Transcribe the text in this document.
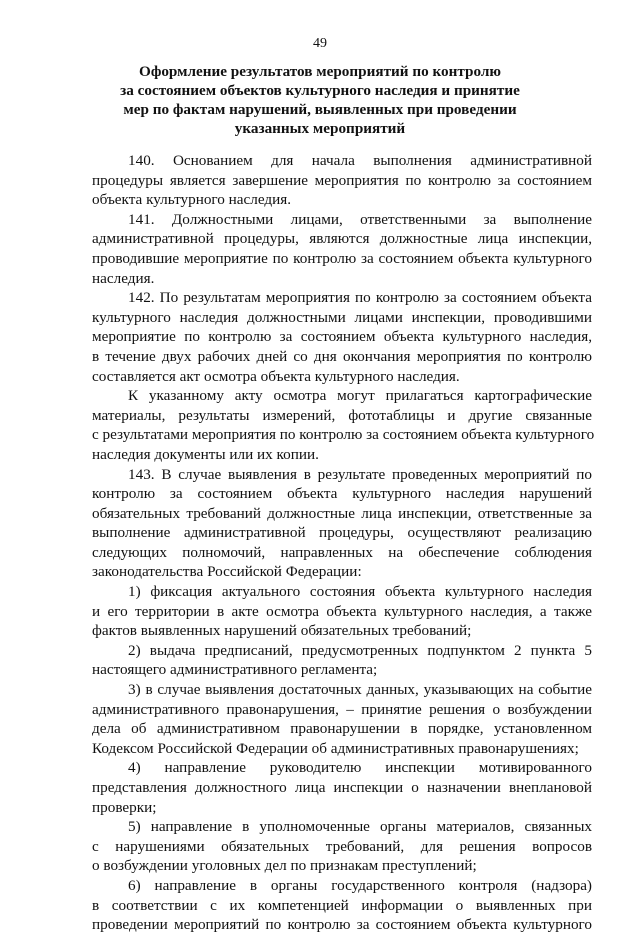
49
Оформление результатов мероприятий по контролю
за состоянием объектов культурного наследия и принятие
мер по фактам нарушений, выявленных при проведении
указанных мероприятий
140. Основанием для начала выполнения административной
процедуры является завершение мероприятия по контролю за состоянием
объекта культурного наследия.
141. Должностными лицами, ответственными за выполнение
административной процедуры, являются должностные лица инспекции,
проводившие мероприятие по контролю за состоянием объекта культурного
наследия.
142. По результатам мероприятия по контролю за состоянием объекта
культурного наследия должностными лицами инспекции, проводившими
мероприятие по контролю за состоянием объекта культурного наследия,
в течение двух рабочих дней со дня окончания мероприятия по контролю
составляется акт осмотра объекта культурного наследия.
К указанному акту осмотра могут прилагаться картографические
материалы, результаты измерений, фототаблицы и другие связанные
с результатами мероприятия по контролю за состоянием объекта культурного
наследия документы или их копии.
143. В случае выявления в результате проведенных мероприятий по
контролю за состоянием объекта культурного наследия нарушений
обязательных требований должностные лица инспекции, ответственные за
выполнение административной процедуры, осуществляют реализацию
следующих полномочий, направленных на обеспечение соблюдения
законодательства Российской Федерации:
1) фиксация актуального состояния объекта культурного наследия
и его территории в акте осмотра объекта культурного наследия, а также
фактов выявленных нарушений обязательных требований;
2) выдача предписаний, предусмотренных подпунктом 2 пункта 5
настоящего административного регламента;
3) в случае выявления достаточных данных, указывающих на событие
административного правонарушения, – принятие решения о возбуждении
дела об административном правонарушении в порядке, установленном
Кодексом Российской Федерации об административных правонарушениях;
4) направление руководителю инспекции мотивированного
представления должностного лица инспекции о назначении внеплановой
проверки;
5) направление в уполномоченные органы материалов, связанных
с нарушениями обязательных требований, для решения вопросов
о возбуждении уголовных дел по признакам преступлений;
6) направление в органы государственного контроля (надзора)
в соответствии с их компетенцией информации о выявленных при
проведении мероприятий по контролю за состоянием объекта культурного
